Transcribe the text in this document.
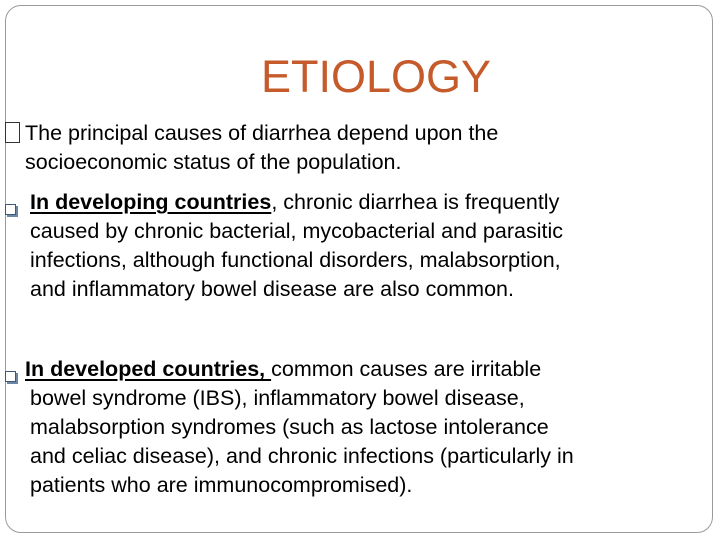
ETIOLOGY
The principal causes of diarrhea depend upon the
socioeconomic status of the population.
In developing countries, chronic diarrhea is frequently
caused by chronic bacterial, mycobacterial and parasitic
infections, although functional disorders, malabsorption,
and inflammatory bowel disease are also common.
In developed countries, common causes are irritable
bowel syndrome (IBS), inflammatory bowel disease,
malabsorption syndromes (such as lactose intolerance
and celiac disease), and chronic infections (particularly in
patients who are immunocompromised).
